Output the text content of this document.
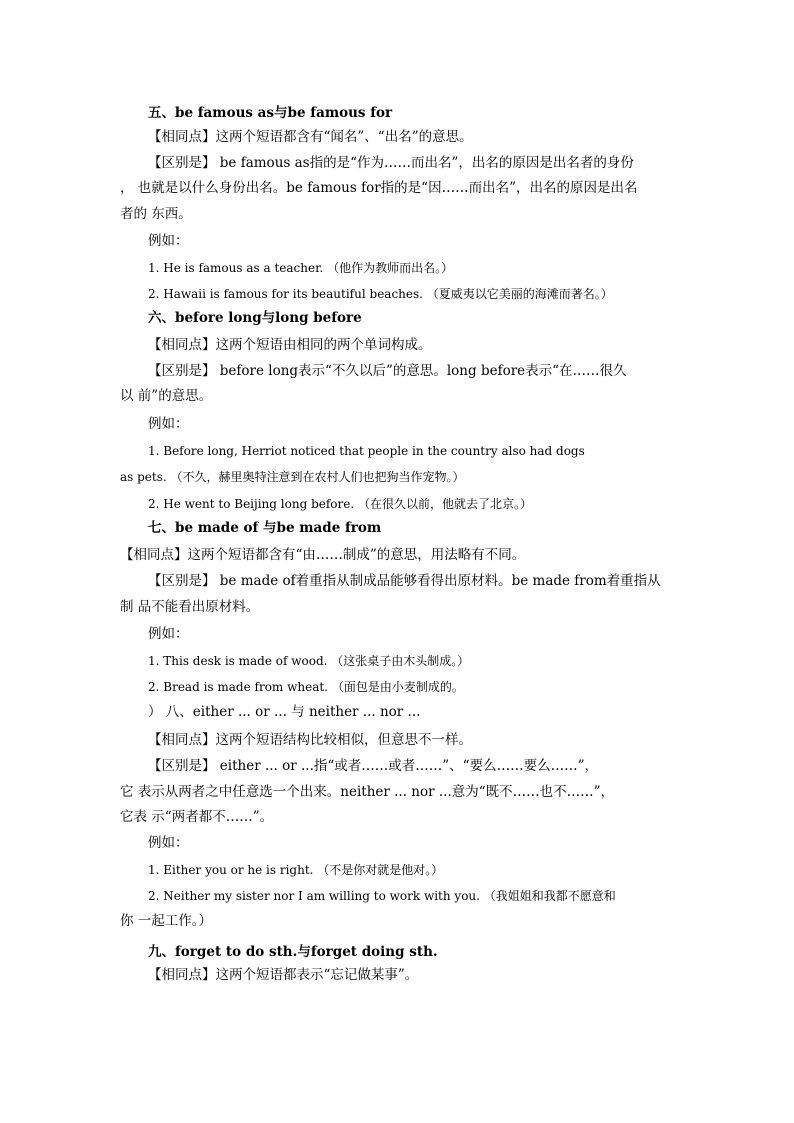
五、be famous as与be famous for
【相同点】这两个短语都含有“闻名”、“出名”的意思。
【区别是】 be famous as指的是“作为……而出名”，出名的原因是出名者的身份
， 也就是以什么身份出名。be famous for指的是“因……而出名”，出名的原因是出名
者的 东西。
例如：
1. He is famous as a teacher. （他作为教师而出名。）
2. Hawaii is famous for its beautiful beaches. （夏威夷以它美丽的海滩而著名。）
六、before long与long before
【相同点】这两个短语由相同的两个单词构成。
【区别是】 before long表示“不久以后”的意思。long before表示“在……很久
以 前”的意思。
例如：
1. Before long, Herriot noticed that people in the country also had dogs
as pets. （不久，赫里奥特注意到在农村人们也把狗当作宠物。）
2. He went to Beijing long before. （在很久以前，他就去了北京。）
七、be made of 与be made from
【相同点】这两个短语都含有“由……制成”的意思，用法略有不同。
【区别是】 be made of着重指从制成品能够看得出原材料。be made from着重指从
制 品不能看出原材料。
例如：
1. This desk is made of wood. （这张桌子由木头制成。）
2. Bread is made from wheat. （面包是由小麦制成的。
） 八、either ... or ... 与 neither ... nor ...
【相同点】这两个短语结构比较相似，但意思不一样。
【区别是】 either ... or ...指“或者……或者……”、“要么……要么……”，
它 表示从两者之中任意选一个出来。neither ... nor ...意为“既不……也不……”，
它表 示“两者都不……”。
例如：
1. Either you or he is right. （不是你对就是他对。）
2. Neither my sister nor I am willing to work with you. （我姐姐和我都不愿意和
你 一起工作。）
九、forget to do sth.与forget doing sth.
【相同点】这两个短语都表示“忘记做某事”。
